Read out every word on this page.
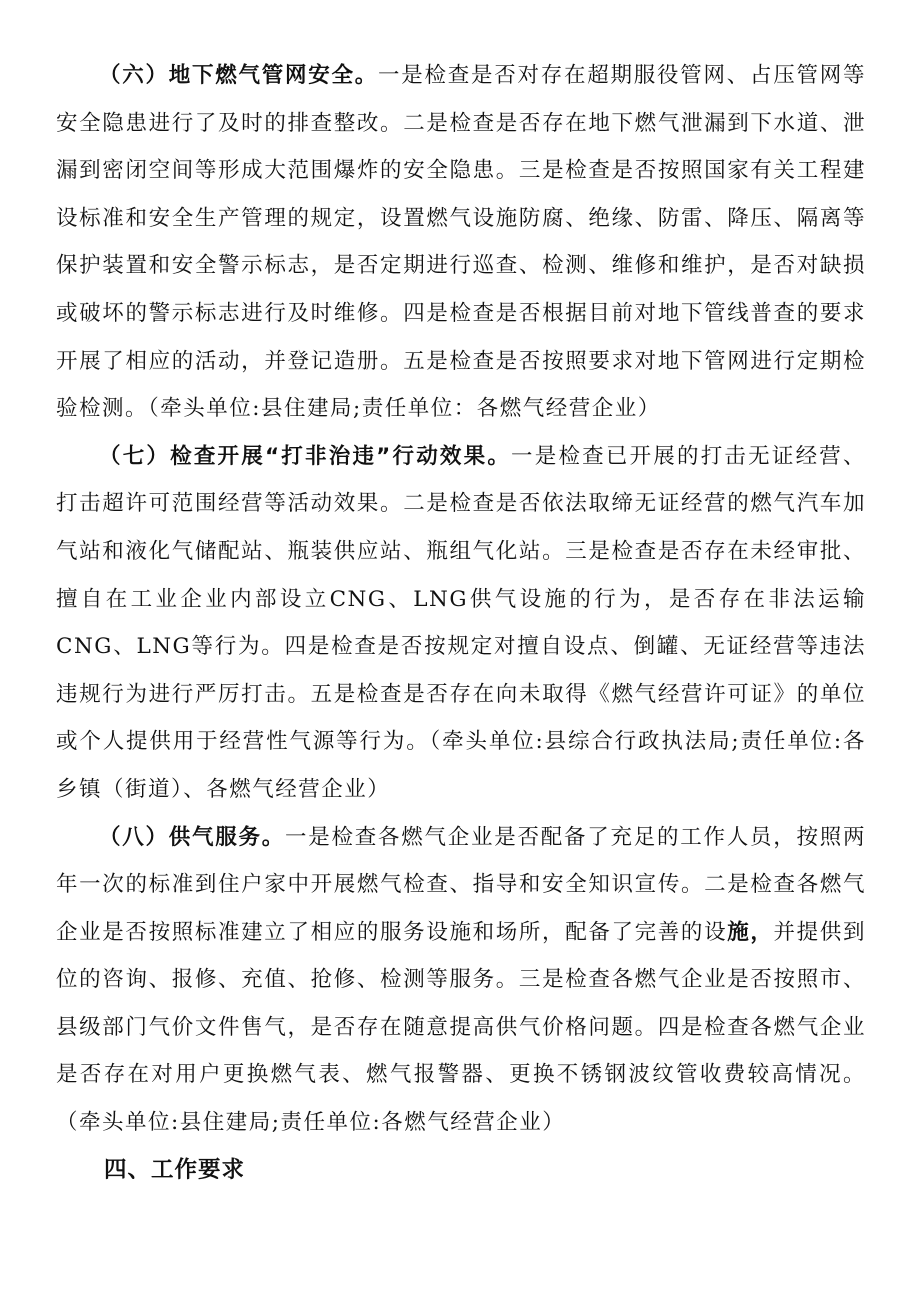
（六）地下燃气管网安全。一是检查是否对存在超期服役管网、占压管网等安全隐患进行了及时的排查整改。二是检查是否存在地下燃气泄漏到下水道、泄漏到密闭空间等形成大范围爆炸的安全隐患。三是检查是否按照国家有关工程建设标准和安全生产管理的规定，设置燃气设施防腐、绝缘、防雷、降压、隔离等保护装置和安全警示标志，是否定期进行巡查、检测、维修和维护，是否对缺损或破坏的警示标志进行及时维修。四是检查是否根据目前对地下管线普查的要求开展了相应的活动，并登记造册。五是检查是否按照要求对地下管网进行定期检验检测。（牵头单位:县住建局;责任单位：各燃气经营企业）

（七）检查开展“打非治违”行动效果。一是检查已开展的打击无证经营、打击超许可范围经营等活动效果。二是检查是否依法取缔无证经营的燃气汽车加气站和液化气储配站、瓶装供应站、瓶组气化站。三是检查是否存在未经审批、擅自在工业企业内部设立CNG、LNG供气设施的行为，是否存在非法运输CNG、LNG等行为。四是检查是否按规定对擅自设点、倒罐、无证经营等违法违规行为进行严厉打击。五是检查是否存在向未取得《燃气经营许可证》的单位或个人提供用于经营性气源等行为。（牵头单位:县综合行政执法局;责任单位:各乡镇（街道）、各燃气经营企业）

（八）供气服务。一是检查各燃气企业是否配备了充足的工作人员，按照两年一次的标准到住户家中开展燃气检查、指导和安全知识宣传。二是检查各燃气企业是否按照标准建立了相应的服务设施和场所，配备了完善的设施，并提供到位的咨询、报修、充值、抢修、检测等服务。三是检查各燃气企业是否按照市、县级部门气价文件售气，是否存在随意提高供气价格问题。四是检查各燃气企业是否存在对用户更换燃气表、燃气报警器、更换不锈钢波纹管收费较高情况。（牵头单位:县住建局;责任单位:各燃气经营企业）

四、工作要求
